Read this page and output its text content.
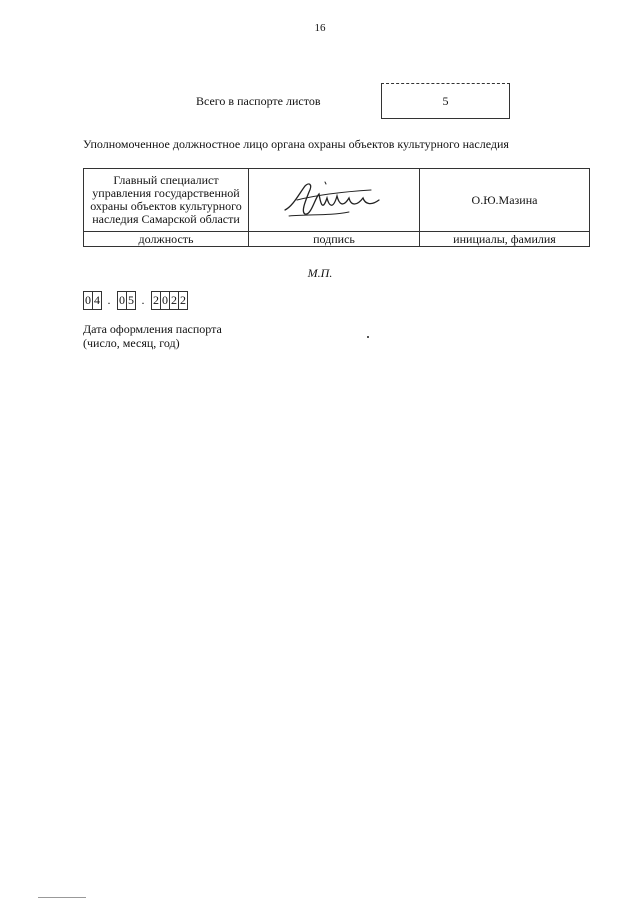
16
Всего в паспорте листов	5
Уполномоченное должностное лицо органа охраны объектов культурного наследия
Главный специалист
управления государственной
охраны объектов культурного
наследия Самарской области		О.Ю.Мазина
должность	подпись	инициалы, фамилия
М.П.
0 4 . 0 5 . 2 0 2 2
Дата оформления паспорта
(число, месяц, год)
